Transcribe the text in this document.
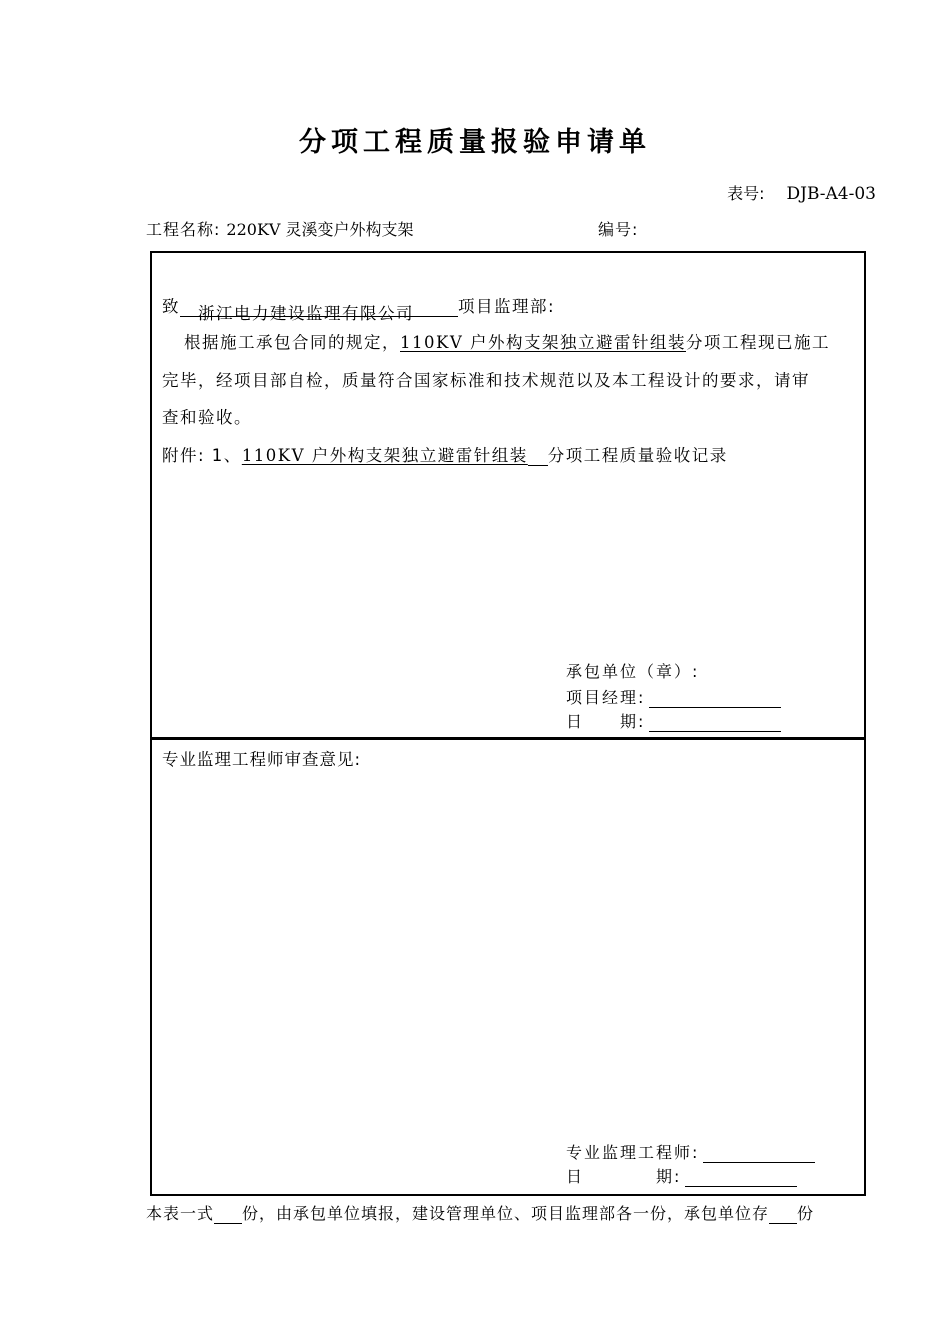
分项工程质量报验申请单
表号: DJB-A4-03
工程名称: 220KV 灵溪变户外构支架	编号:
致 浙江电力建设监理有限公司	项目监理部:
根据施工承包合同的规定，110KV 户外构支架独立避雷针组装分项工程现已施工
完毕，经项目部自检，质量符合国家标准和技术规范以及本工程设计的要求，请审
查和验收。
附件: 1、110KV 户外构支架独立避雷针组装 分项工程质量验收记录
承包单位（章）:
项目经理:
日　　期:
专业监理工程师审查意见:
专业监理工程师:
日　　　　期:
本表一式 份，由承包单位填报，建设管理单位、项目监理部各一份，承包单位存 份
